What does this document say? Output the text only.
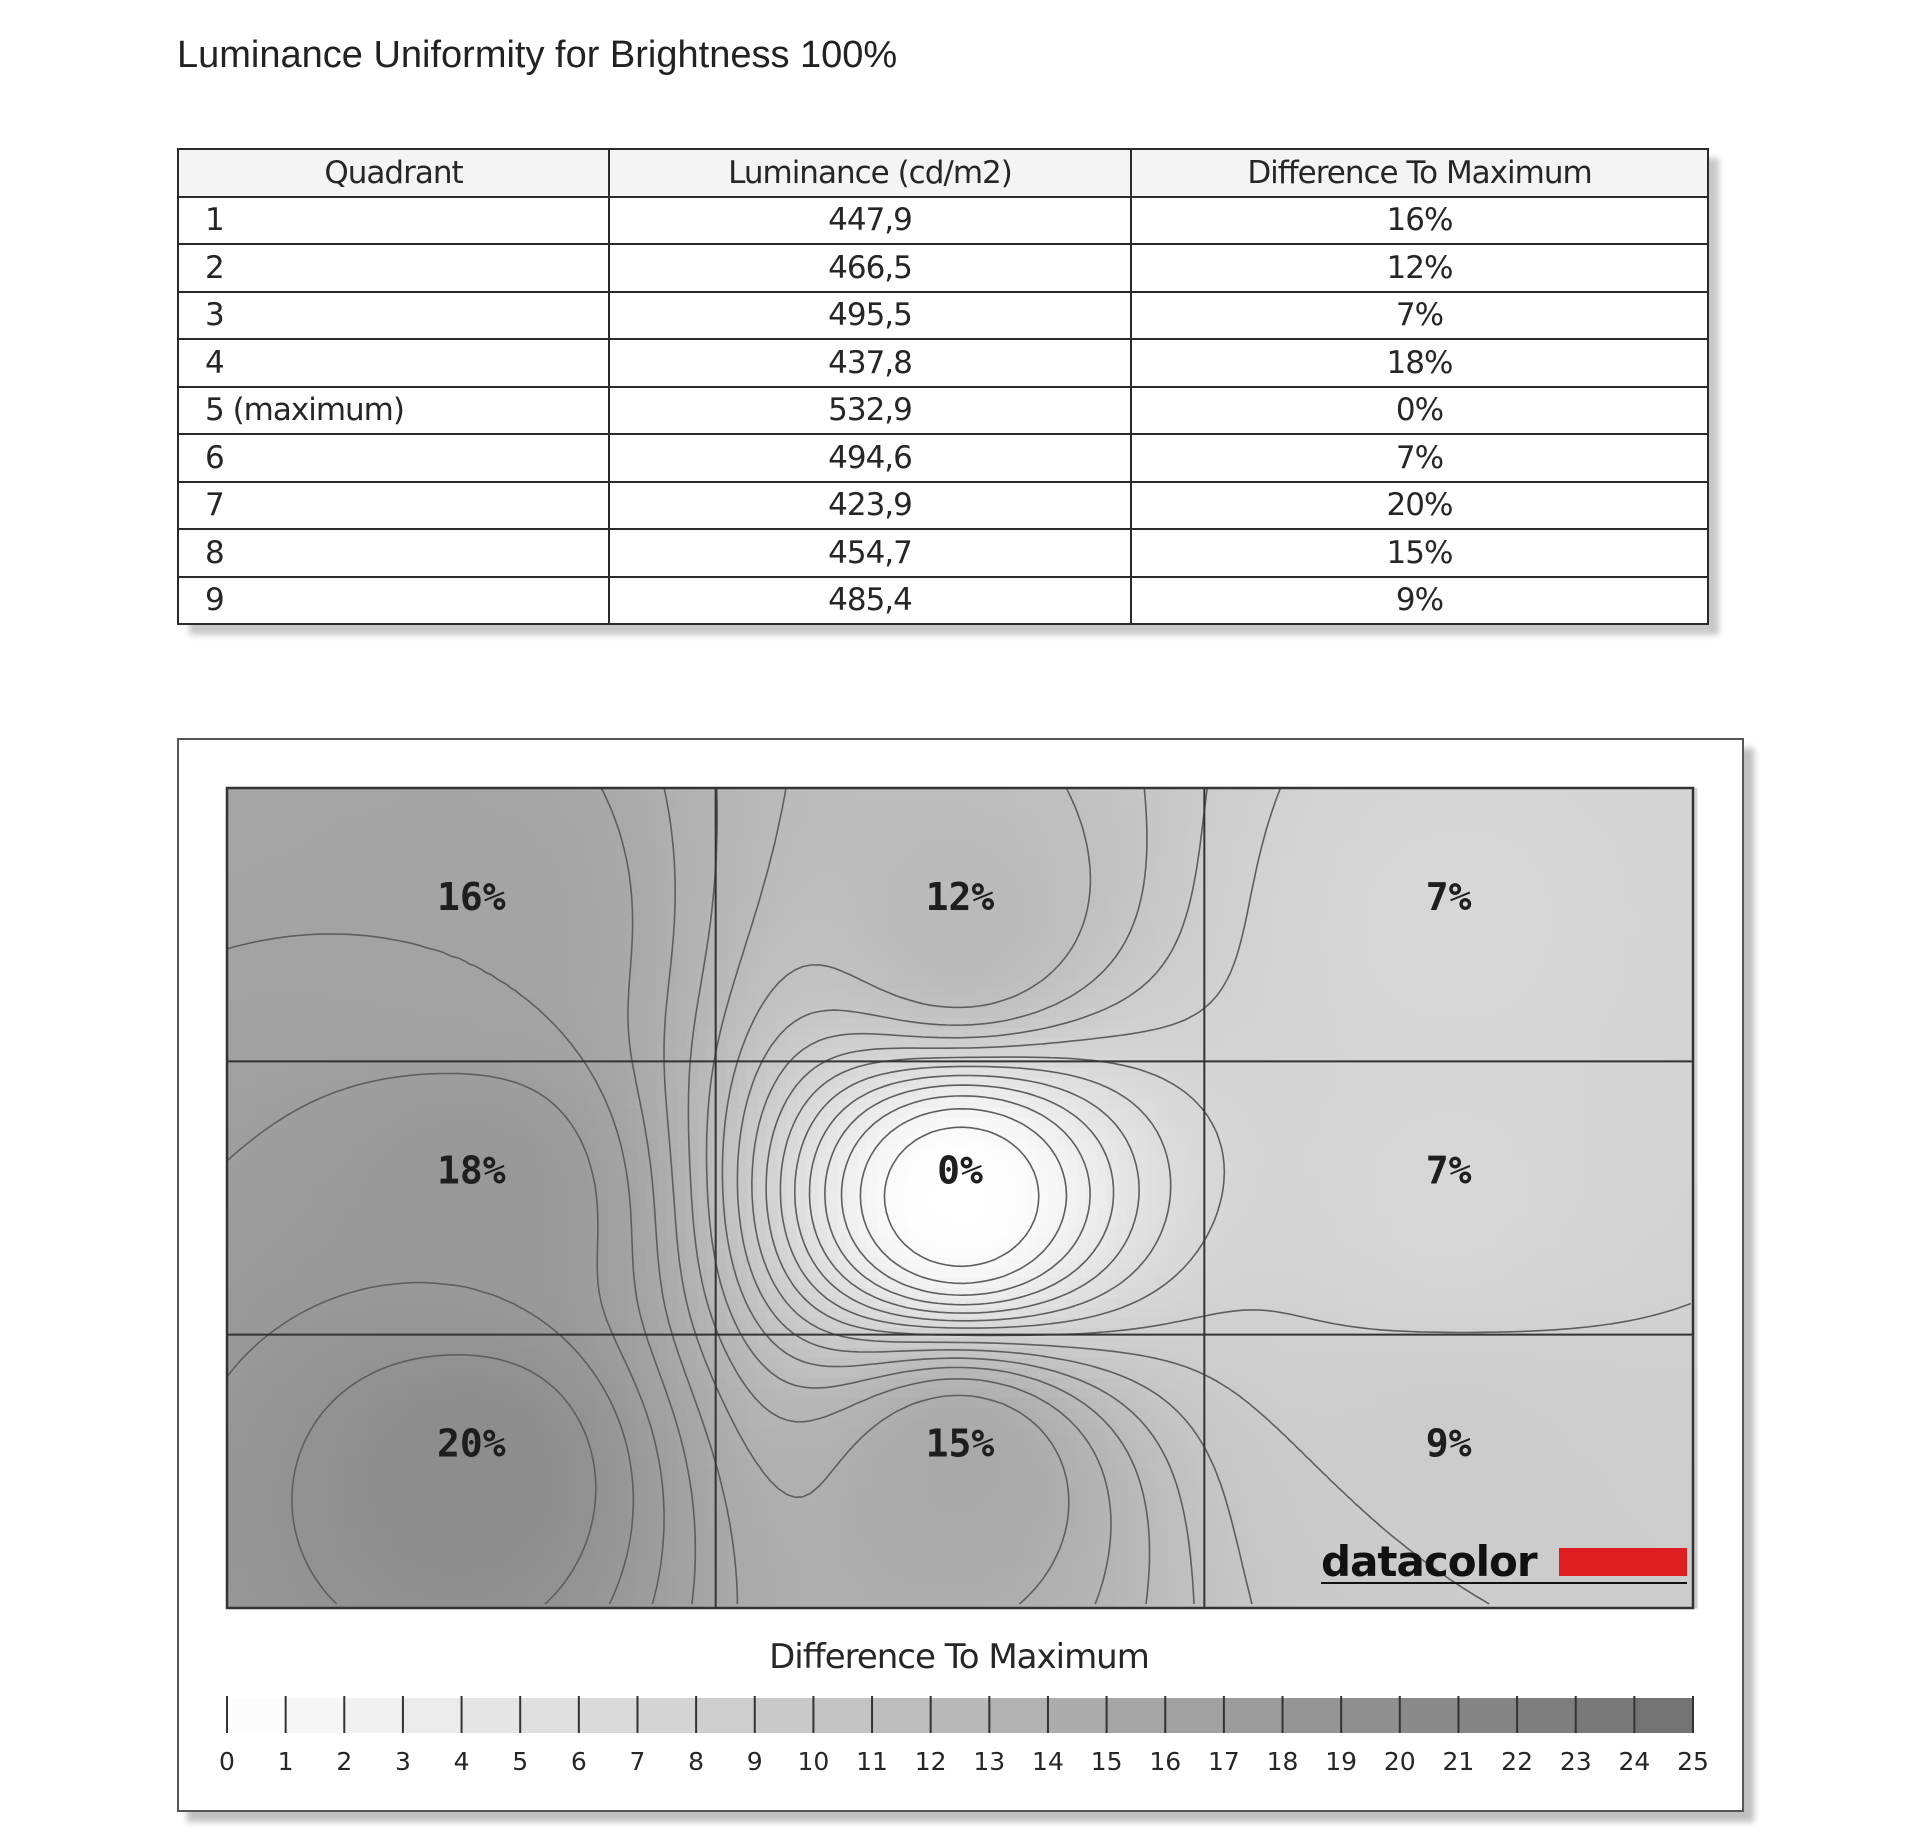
Luminance Uniformity for Brightness 100%
Quadrant	Luminance (cd/m2)	Difference To Maximum
1	447,9	16%
2	466,5	12%
3	495,5	7%
4	437,8	18%
5 (maximum)	532,9	0%
6	494,6	7%
7	423,9	20%
8	454,7	15%
9	485,4	9%
16%	12%	7%
18%	0%	7%
20%	15%	9%
datacolor
Difference To Maximum
0 1 2 3 4 5 6 7 8 9 10 11 12 13 14 15 16 17 18 19 20 21 22 23 24 25
